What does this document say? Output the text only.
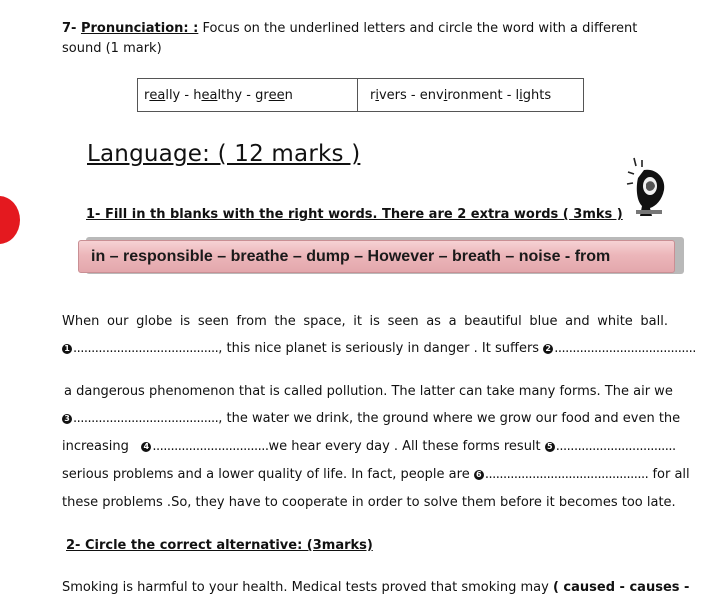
7- Pronunciation: : Focus on the underlined letters and circle the word with a different
sound (1 mark)
r ea lly - h ea lthy - gr ee n	r i vers - env i ronment - l i ghts
Language: ( 12 marks )
1- Fill in th blanks with the right words. There are 2 extra words ( 3mks )
in – responsible – breathe – dump – However – breath – noise - from
When our globe is seen from the space, it is seen as a beautiful blue and white ball.
1 ........................................, this nice planet is seriously in danger . It suffers 2 .......................................
a dangerous phenomenon that is called pollution. The latter can take many forms. The air we
3 ........................................, the water we drink, the ground where we grow our food and even the
increasing 4 ................................we hear every day . All these forms result 5 .................................
serious problems and a lower quality of life. In fact, people are 6 ............................................. for all
these problems .So, they have to cooperate in order to solve them before it becomes too late.
2- Circle the correct alternative: (3marks)
Smoking is harmful to your health. Medical tests proved that smoking may ( caused - causes -
